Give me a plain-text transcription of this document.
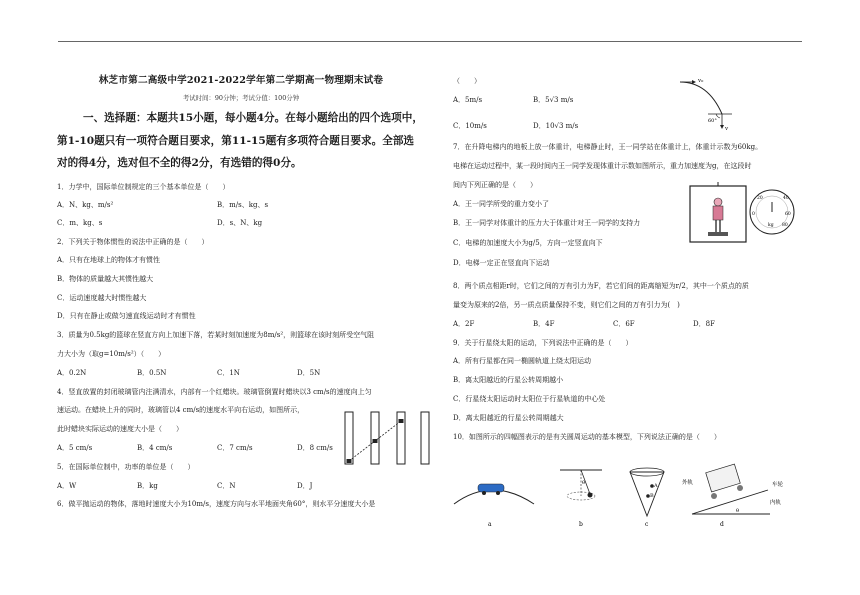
林芝市第二高级中学2021-2022学年第二学期高一物理期末试卷
考试时间：90分钟；考试分值：100分钟
一、选择题：本题共15小题，每小题4分。在每小题给出的四个选项中，
第1-10题只有一项符合题目要求，第11-15题有多项符合题目要求。全部选
对的得4分，选对但不全的得2分，有选错的得0分。

1．力学中，国际单位制规定的三个基本单位是（　　）

A．N、kg、m/s²	B．m/s、kg、s
C．m、kg、s	D．s、N、kg

2．下列关于物体惯性的说法中正确的是（　　）

A．只有在地球上的物体才有惯性

B．物体的质量越大其惯性越大

C．运动速度越大时惯性越大

D．只有在静止或做匀速直线运动时才有惯性

3．质量为0.5kg的篮球在竖直方向上加速下落，若某时刻加速度为8m/s²，则篮球在该时刻所受空气阻

力大小为（取g=10m/s²）（　　）

A．0.2N	B．0.5N	C．1N	D．5N

4．竖直放置的封闭玻璃管内注满清水，内部有一个红蜡块。玻璃管倒置时蜡块以3 cm/s的速度向上匀

速运动。在蜡块上升的同时，玻璃管以4 cm/s的速度水平向右运动，如图所示，

此时蜡块实际运动的速度大小是（　　）

A．5 cm/s	B．4 cm/s	C．7 cm/s	D．8 cm/s

5．在国际单位制中，功率的单位是（　　）

A．W	B．kg	C．N	D．J

6．做平抛运动的物体，落地时速度大小为10m/s，速度方向与水平地面夹角60°，则水平分速度大小是

（　　）

A．5m/s	B．5√3 m/s
C．10m/s	D．10√3 m/s

7．在升降电梯内的地板上放一体重计，电梯静止时，王一同学站在体重计上，体重计示数为60kg。

电梯在运动过程中，某一段时间内王一同学发现体重计示数如图所示，重力加速度为g，在这段时

间内下列正确的是（　　）

A．王一同学所受的重力变小了

B．王一同学对体重计的压力大于体重计对王一同学的支持力

C．电梯的加速度大小为g/5，方向一定竖直向下

D．电梯一定正在竖直向下运动

8．两个质点相距r时，它们之间的万有引力为F，若它们间的距离缩短为r/2，其中一个质点的质

量变为原来的2倍，另一质点质量保持不变，则它们之间的万有引力为(　)

A．2F	B．4F	C．6F	D．8F

9．关于行星绕太阳的运动，下列说法中正确的是（　　）

A．所有行星都在同一椭圆轨道上绕太阳运动

B．离太阳越近的行星公转周期越小

C．行星绕太阳运动时太阳位于行星轨道的中心处

D．离太阳越近的行星公转周期越大

10．如图所示的四幅图表示的是有关圆周运动的基本模型，下列说法正确的是（　　）

v₀
v
60°
20	40
0	60
80
kg
θ	A
B
外轨	车轮
内轨
θ
a	b	c	d
